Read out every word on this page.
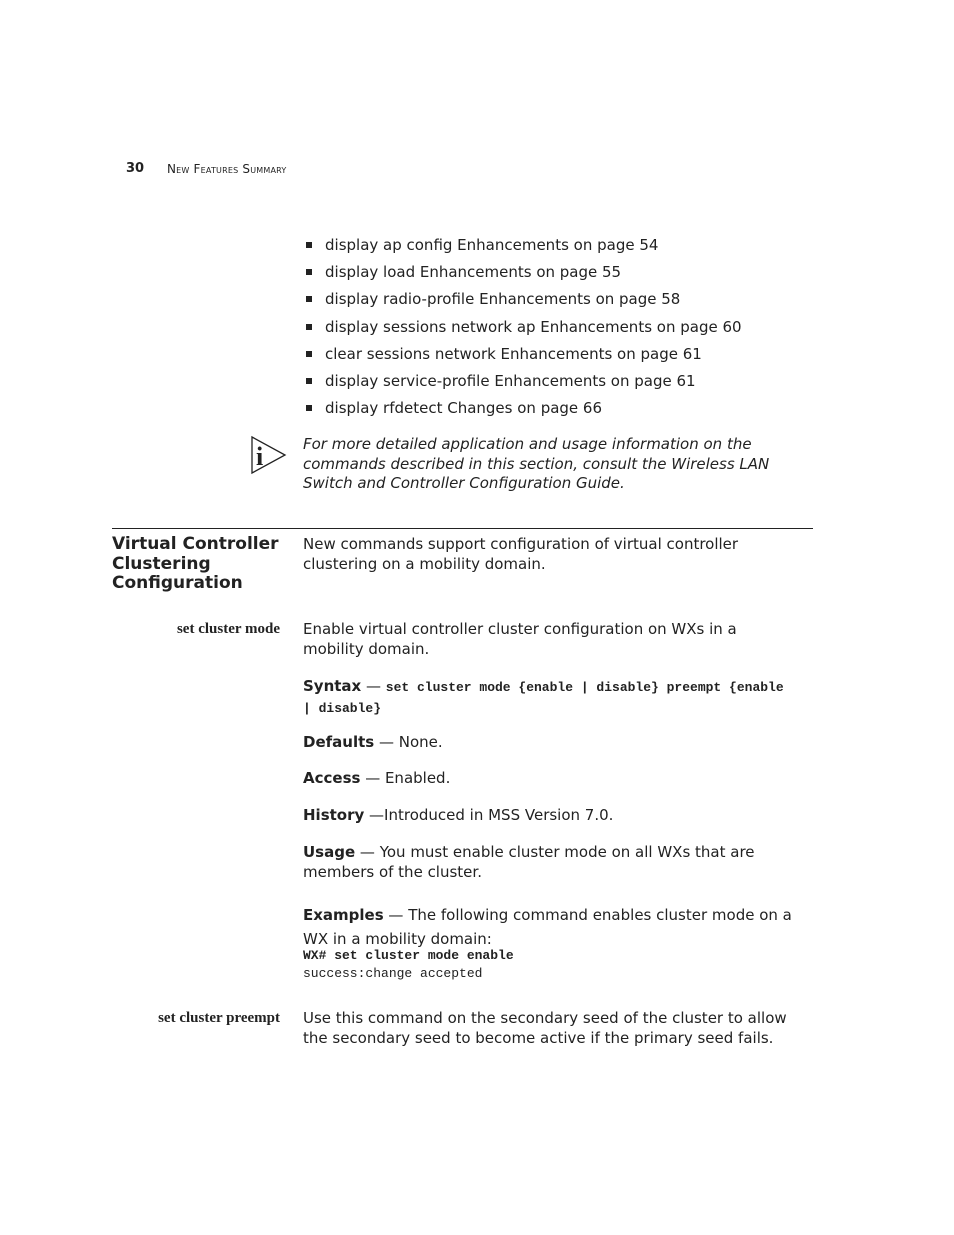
30 New Features Summary
display ap config Enhancements on page 54
display load Enhancements on page 55
display radio-profile Enhancements on page 58
display sessions network ap Enhancements on page 60
clear sessions network Enhancements on page 61
display service-profile Enhancements on page 61
display rfdetect Changes on page 66
i	For more detailed application and usage information on the commands described in this section, consult the Wireless LAN Switch and Controller Configuration Guide.
Virtual Controller Clustering Configuration
New commands support configuration of virtual controller clustering on a mobility domain.
set cluster mode Enable virtual controller cluster configuration on WXs in a mobility domain.
Syntax — set cluster mode {enable | disable} preempt {enable
| disable}
Defaults — None.
Access — Enabled.
History —Introduced in MSS Version 7.0.
Usage — You must enable cluster mode on all WXs that are members of the cluster.
Examples — The following command enables cluster mode on a WX in a mobility domain:
WX# set cluster mode enable
success:change accepted
set cluster preempt Use this command on the secondary seed of the cluster to allow the secondary seed to become active if the primary seed fails.
